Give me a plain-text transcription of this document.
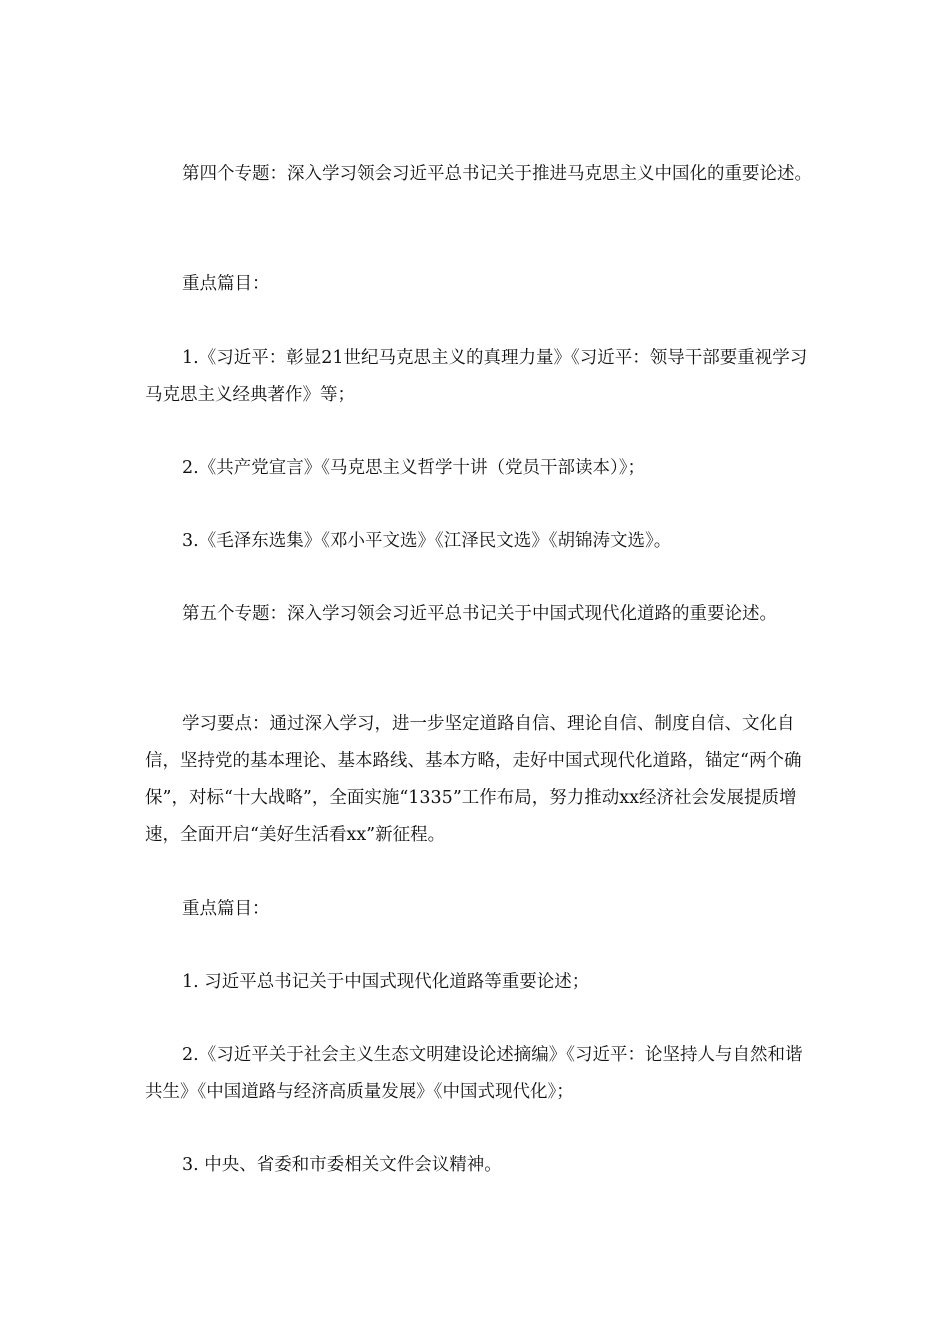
第四个专题：深入学习领会习近平总书记关于推进马克思主义中国化的重要论述。

重点篇目：

1.《习近平：彰显21世纪马克思主义的真理力量》《习近平：领导干部要重视学习马克思主义经典著作》等；

2.《共产党宣言》《马克思主义哲学十讲（党员干部读本）》；

3.《毛泽东选集》《邓小平文选》《江泽民文选》《胡锦涛文选》。

第五个专题：深入学习领会习近平总书记关于中国式现代化道路的重要论述。

学习要点：通过深入学习，进一步坚定道路自信、理论自信、制度自信、文化自信，坚持党的基本理论、基本路线、基本方略，走好中国式现代化道路，锚定“两个确保”，对标“十大战略”，全面实施“1335”工作布局，努力推动xx经济社会发展提质增速，全面开启“美好生活看xx”新征程。

重点篇目：

1. 习近平总书记关于中国式现代化道路等重要论述；

2.《习近平关于社会主义生态文明建设论述摘编》《习近平：论坚持人与自然和谐共生》《中国道路与经济高质量发展》《中国式现代化》；

3. 中央、省委和市委相关文件会议精神。
